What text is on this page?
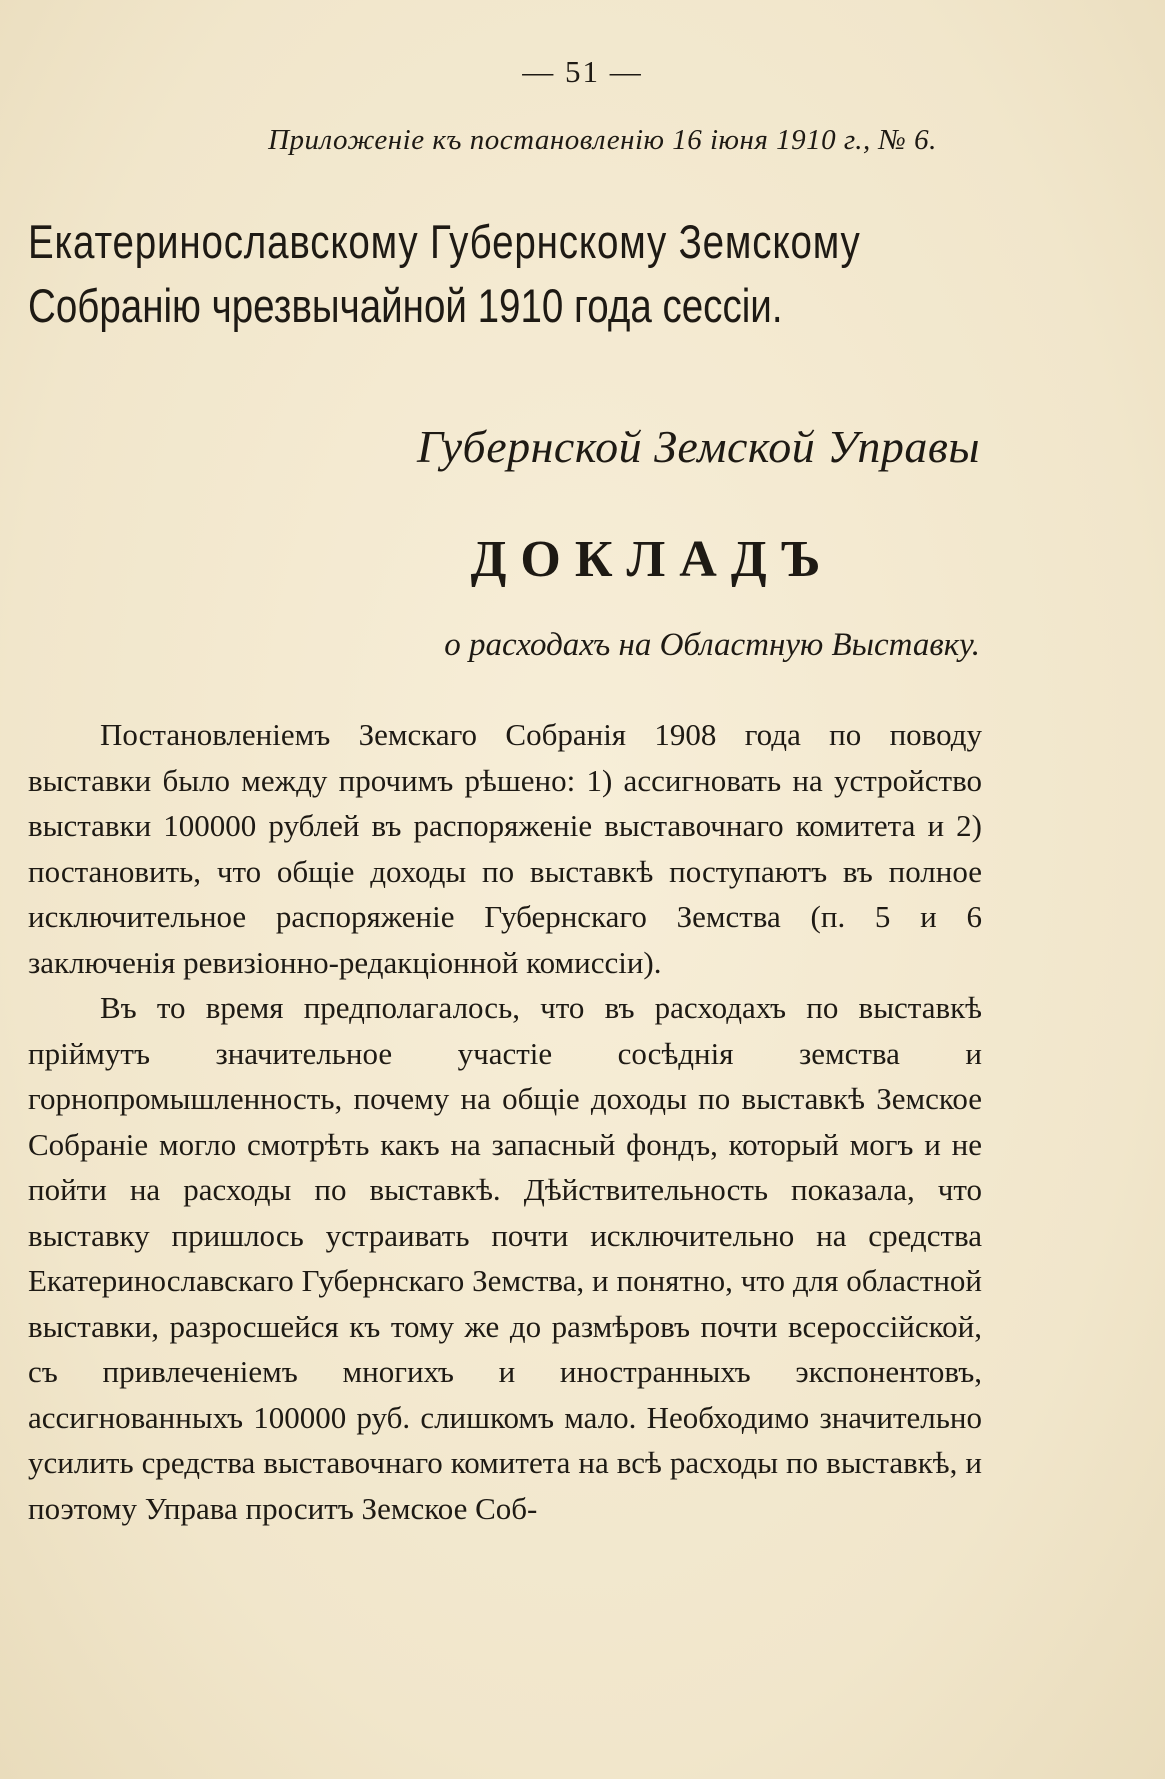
— 51 —
Приложеніе къ постановленію 16 іюня 1910 г., № 6.
Екатеринославскому Губернскому Земскому
Собранію чрезвычайной 1910 года сессіи.
Губернской Земской Управы
ДОКЛАДЪ
о расходахъ на Областную Выставку.

Постановленіемъ Земскаго Собранія 1908 года по поводу выставки было между прочимъ рѣшено: 1) ассигновать на устройство выставки 100000 рублей въ распоряженіе выставочнаго комитета и 2) постановить, что общіе доходы по выставкѣ поступаютъ въ полное исключительное распоряженіе Губернскаго Земства (п. 5 и 6 заключенія ревизіонно-редакціонной комиссіи).

Въ то время предполагалось, что въ расходахъ по выставкѣ пріймутъ значительное участіе сосѣднія земства и горнопромышленность, почему на общіе доходы по выставкѣ Земское Собраніе могло смотрѣть какъ на запасный фондъ, который могъ и не пойти на расходы по выставкѣ. Дѣйствительность показала, что выставку пришлось устраивать почти исключительно на средства Екатеринославскаго Губернскаго Земства, и понятно, что для областной выставки, разросшейся къ тому же до размѣровъ почти всероссійской, съ привлеченіемъ многихъ и иностранныхъ экспонентовъ, ассигнованныхъ 100000 руб. слишкомъ мало. Необходимо значительно усилить средства выставочнаго комитета на всѣ расходы по выставкѣ, и поэтому Управа проситъ Земское Соб-
